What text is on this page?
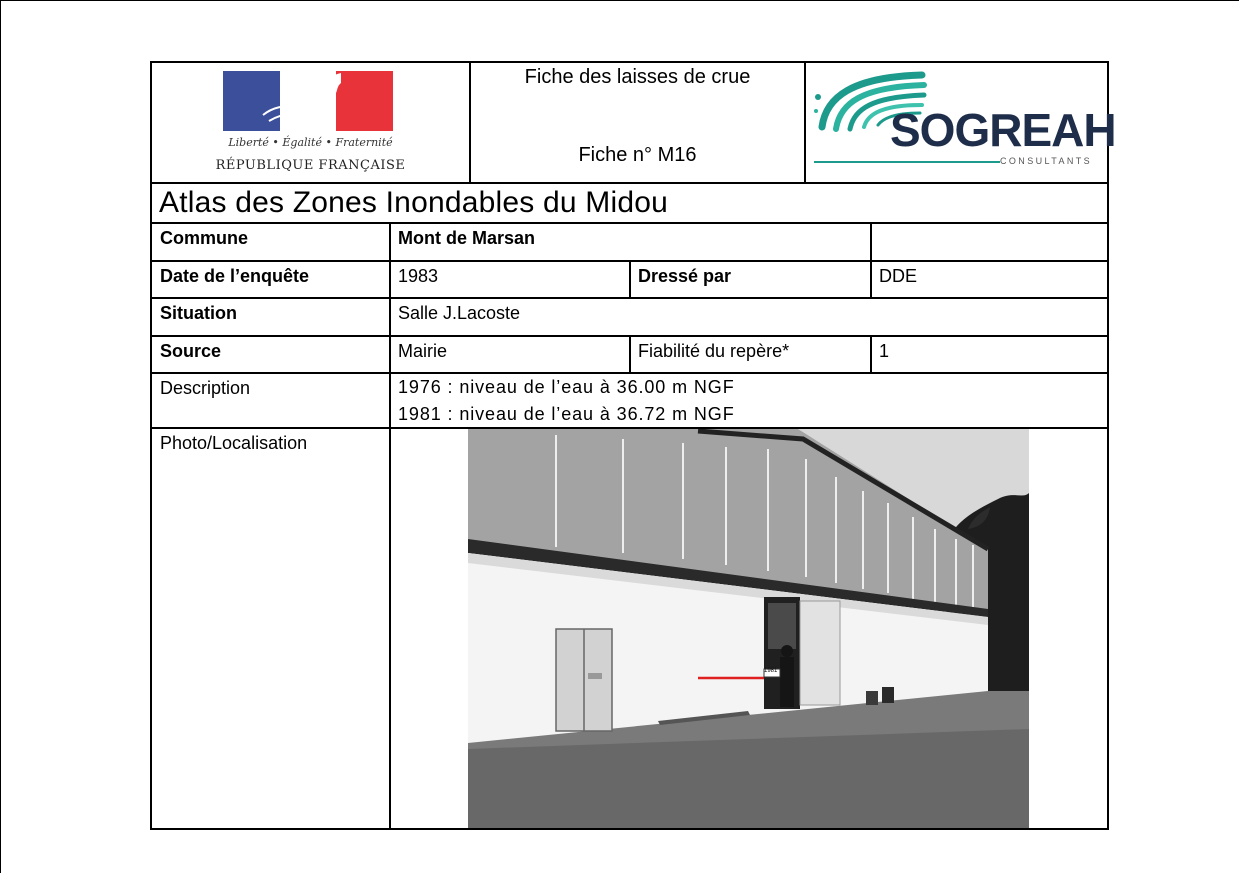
Liberté • Égalité • Fraternité
RÉPUBLIQUE FRANÇAISE
Fiche des laisses de crue
Fiche n° M16	SOGREAH
CONSULTANTS
Atlas des Zones Inondables du Midou
Commune	Mont de Marsan
Date de l’enquête	1983	Dressé par	DDE
Situation	Salle J.Lacoste
Source	Mairie	Fiabilité du repère*	1
Description	1976 : niveau de l’eau à 36.00 m NGF
1981 : niveau de l’eau à 36.72 m NGF
Photo/Localisation
1981
